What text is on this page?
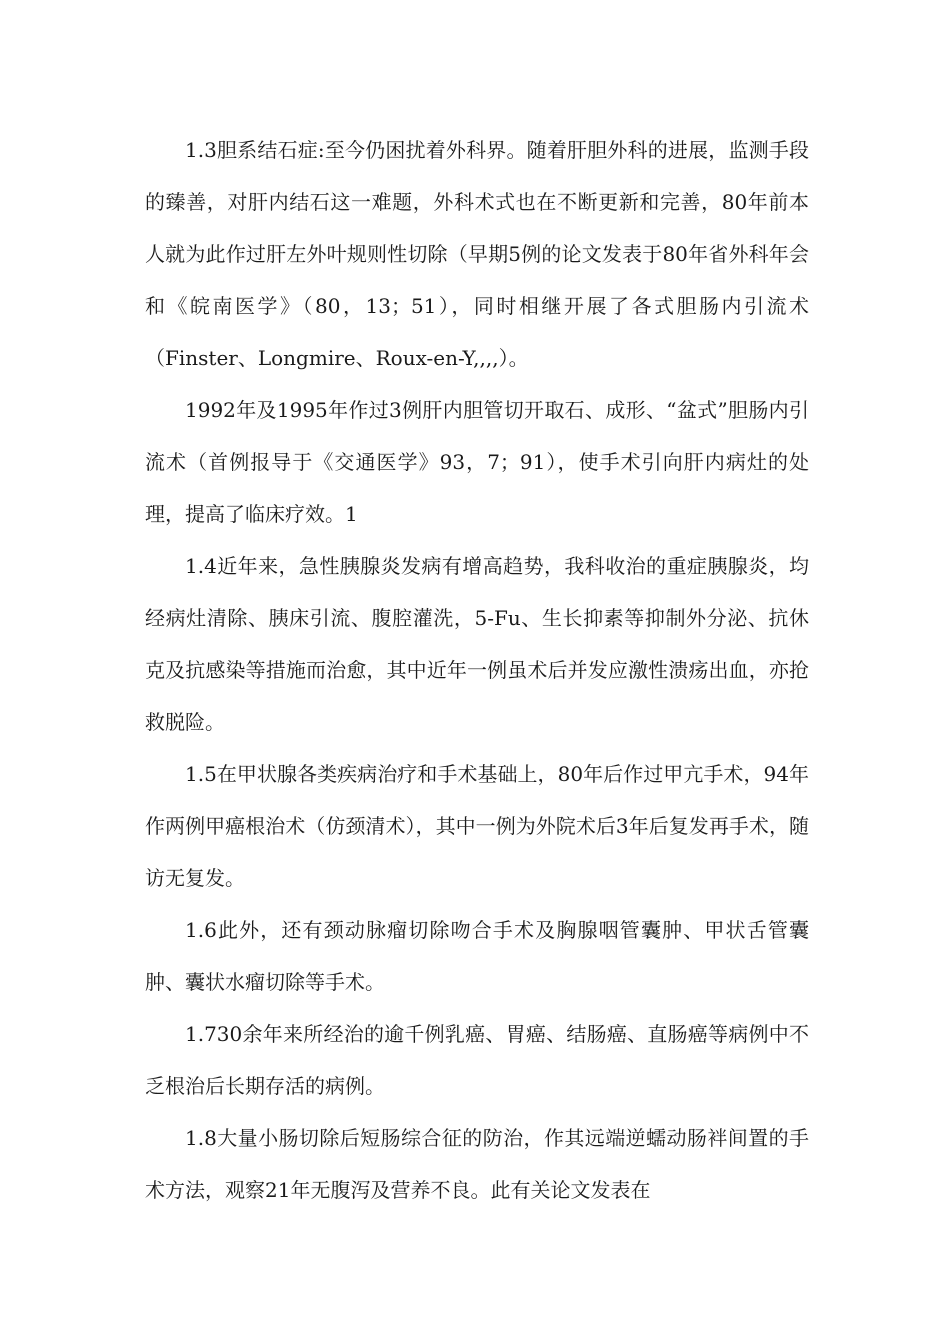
1.3胆系结石症:至今仍困扰着外科界。随着肝胆外科的进展，监测手段的臻善，对肝内结石这一难题，外科术式也在不断更新和完善，80年前本人就为此作过肝左外叶规则性切除（早期5例的论文发表于80年省外科年会和《皖南医学》（80，13；51），同时相继开展了各式胆肠内引流术（Finster、Longmire、Roux-en-Y,,,,）。

1992年及1995年作过3例肝内胆管切开取石、成形、“盆式”胆肠内引流术（首例报导于《交通医学》93，7；91），使手术引向肝内病灶的处理，提高了临床疗效。1

1.4近年来，急性胰腺炎发病有增高趋势，我科收治的重症胰腺炎，均经病灶清除、胰床引流、腹腔灌洗，5-Fu、生长抑素等抑制外分泌、抗休克及抗感染等措施而治愈，其中近年一例虽术后并发应激性溃疡出血，亦抢救脱险。

1.5在甲状腺各类疾病治疗和手术基础上，80年后作过甲亢手术，94年作两例甲癌根治术（仿颈清术），其中一例为外院术后3年后复发再手术，随访无复发。

1.6此外，还有颈动脉瘤切除吻合手术及胸腺咽管囊肿、甲状舌管囊肿、囊状水瘤切除等手术。

1.730余年来所经治的逾千例乳癌、胃癌、结肠癌、直肠癌等病例中不乏根治后长期存活的病例。

1.8大量小肠切除后短肠综合征的防治，作其远端逆蠕动肠袢间置的手术方法，观察21年无腹泻及营养不良。此有关论文发表在
